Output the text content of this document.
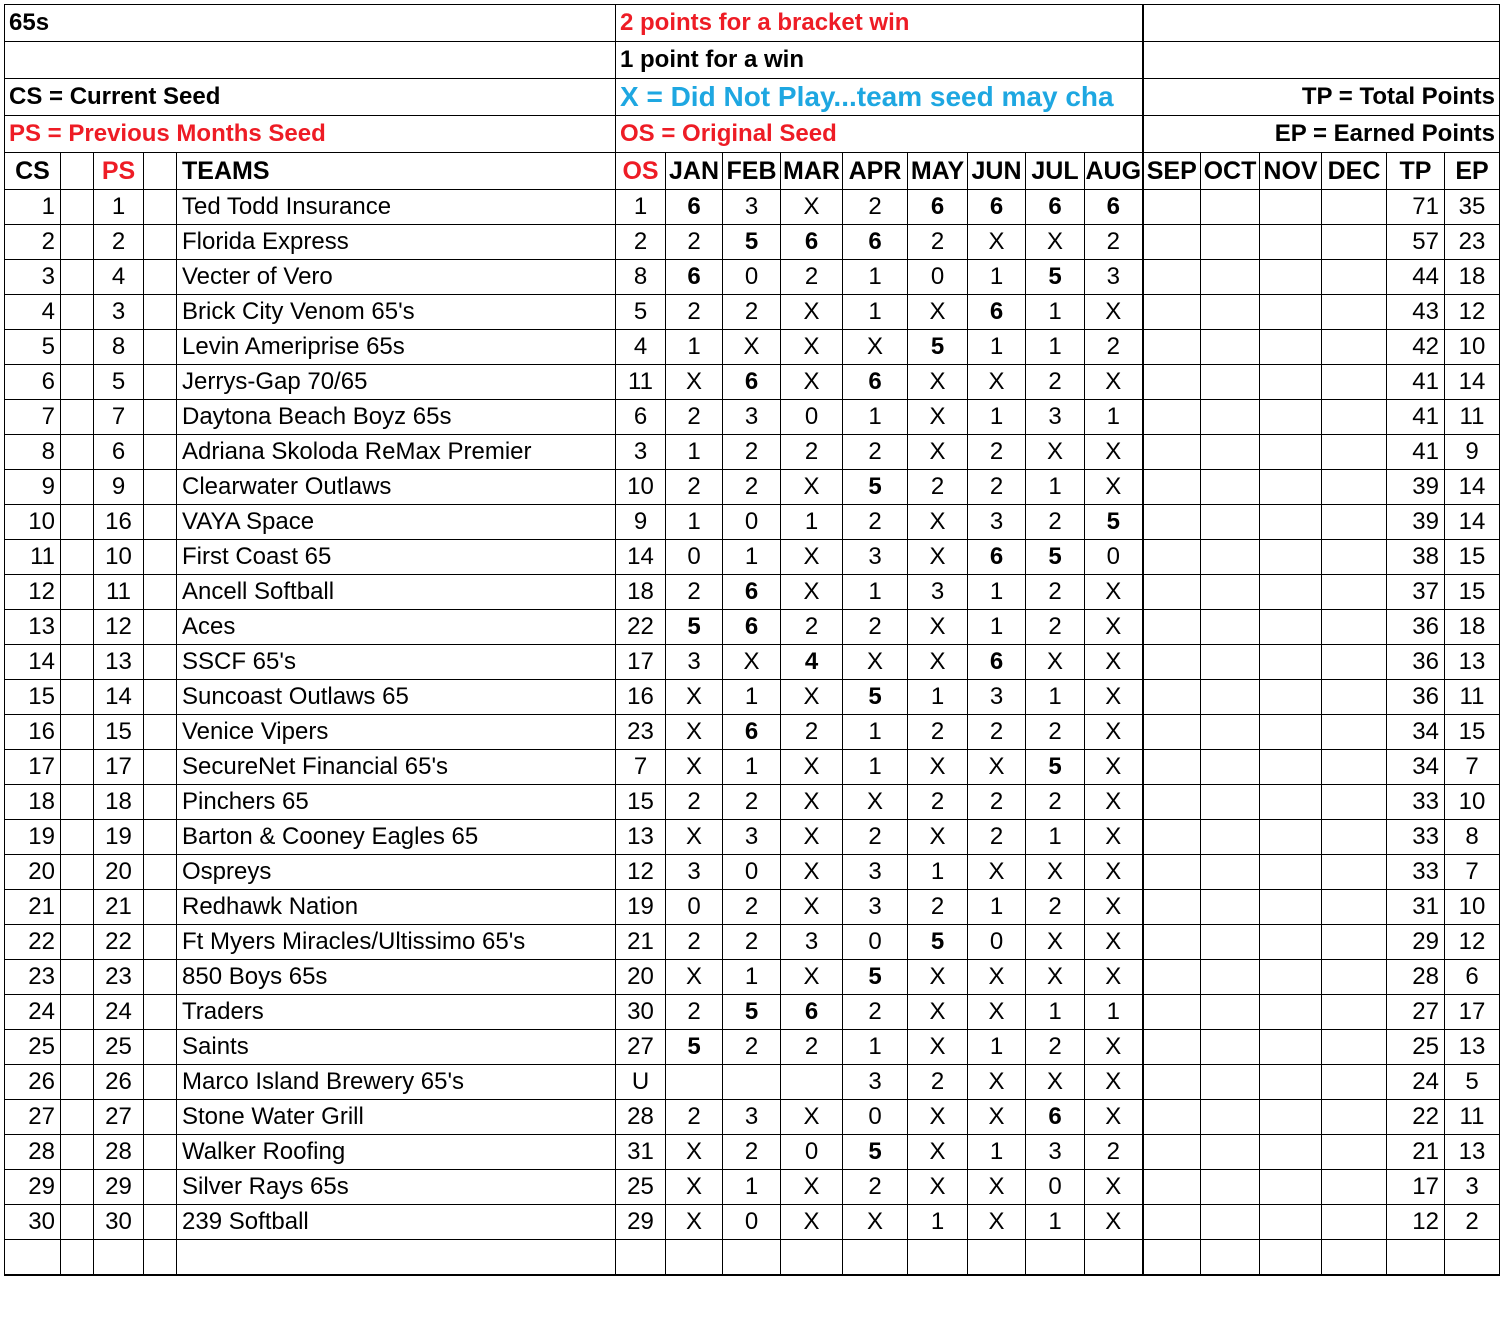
65s					2 points for a bracket win														
					1 point for a win														
CS = Current Seed					X = Did Not Play...team seed may cha									TP = Total Points					
PS = Previous Months Seed					OS = Original Seed									EP = Earned Points					
CS		PS		TEAMS	OS	JAN	FEB	MAR	APR	MAY	JUN	JUL	AUG	SEP	OCT	NOV	DEC	TP	EP
1		1		Ted Todd Insurance	1	6	3	X	2	6	6	6	6					71	35
2		2		Florida Express	2	2	5	6	6	2	X	X	2					57	23
3		4		Vecter of Vero	8	6	0	2	1	0	1	5	3					44	18
4		3		Brick City Venom 65's	5	2	2	X	1	X	6	1	X					43	12
5		8		Levin Ameriprise 65s	4	1	X	X	X	5	1	1	2					42	10
6		5		Jerrys-Gap 70/65	11	X	6	X	6	X	X	2	X					41	14
7		7		Daytona Beach Boyz 65s	6	2	3	0	1	X	1	3	1					41	11
8		6		Adriana Skoloda ReMax Premier	3	1	2	2	2	X	2	X	X					41	9
9		9		Clearwater Outlaws	10	2	2	X	5	2	2	1	X					39	14
10		16		VAYA Space	9	1	0	1	2	X	3	2	5					39	14
11		10		First Coast 65	14	0	1	X	3	X	6	5	0					38	15
12		11		Ancell Softball	18	2	6	X	1	3	1	2	X					37	15
13		12		Aces	22	5	6	2	2	X	1	2	X					36	18
14		13		SSCF 65's	17	3	X	4	X	X	6	X	X					36	13
15		14		Suncoast Outlaws 65	16	X	1	X	5	1	3	1	X					36	11
16		15		Venice Vipers	23	X	6	2	1	2	2	2	X					34	15
17		17		SecureNet Financial 65's	7	X	1	X	1	X	X	5	X					34	7
18		18		Pinchers 65	15	2	2	X	X	2	2	2	X					33	10
19		19		Barton & Cooney Eagles 65	13	X	3	X	2	X	2	1	X					33	8
20		20		Ospreys	12	3	0	X	3	1	X	X	X					33	7
21		21		Redhawk Nation	19	0	2	X	3	2	1	2	X					31	10
22		22		Ft Myers Miracles/Ultissimo 65's	21	2	2	3	0	5	0	X	X					29	12
23		23		850 Boys 65s	20	X	1	X	5	X	X	X	X					28	6
24		24		Traders	30	2	5	6	2	X	X	1	1					27	17
25		25		Saints	27	5	2	2	1	X	1	2	X					25	13
26		26		Marco Island Brewery 65's	U				3	2	X	X	X					24	5
27		27		Stone Water Grill	28	2	3	X	0	X	X	6	X					22	11
28		28		Walker Roofing	31	X	2	0	5	X	1	3	2					21	13
29		29		Silver Rays 65s	25	X	1	X	2	X	X	0	X					17	3
30		30		239 Softball	29	X	0	X	X	1	X	1	X					12	2
